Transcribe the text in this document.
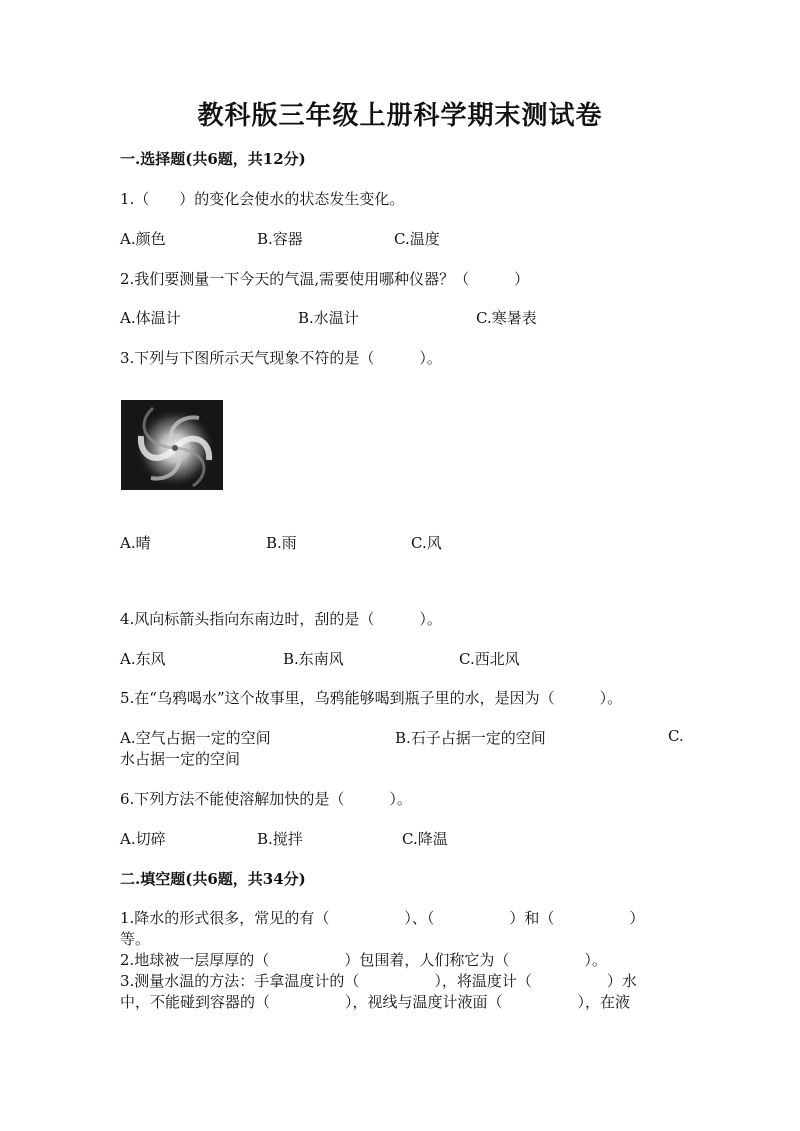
教科版三年级上册科学期末测试卷
一.选择题(共6题，共12分)
1.（　　）的变化会使水的状态发生变化。
A.颜色	B.容器	C.温度
2.我们要测量一下今天的气温,需要使用哪种仪器？（　　　）
A.体温计	B.水温计	C.寒暑表
3.下列与下图所示天气现象不符的是（　　　）。
A.晴	B.雨	C.风
4.风向标箭头指向东南边时，刮的是（　　　）。
A.东风	B.东南风	C.西北风
5.在“乌鸦喝水”这个故事里，乌鸦能够喝到瓶子里的水，是因为（　　　）。
A.空气占据一定的空间	B.石子占据一定的空间	C.
水占据一定的空间
6.下列方法不能使溶解加快的是（　　　）。
A.切碎	B.搅拌	C.降温
二.填空题(共6题，共34分)
1.降水的形式很多，常见的有（　　　　　）、（　　　　　）和（　　　　　）
等。
2.地球被一层厚厚的（　　　　　）包围着，人们称它为（　　　　　）。
3.测量水温的方法：手拿温度计的（　　　　　），将温度计（　　　　　）水
中，不能碰到容器的（　　　　　），视线与温度计液面（　　　　　），在液
